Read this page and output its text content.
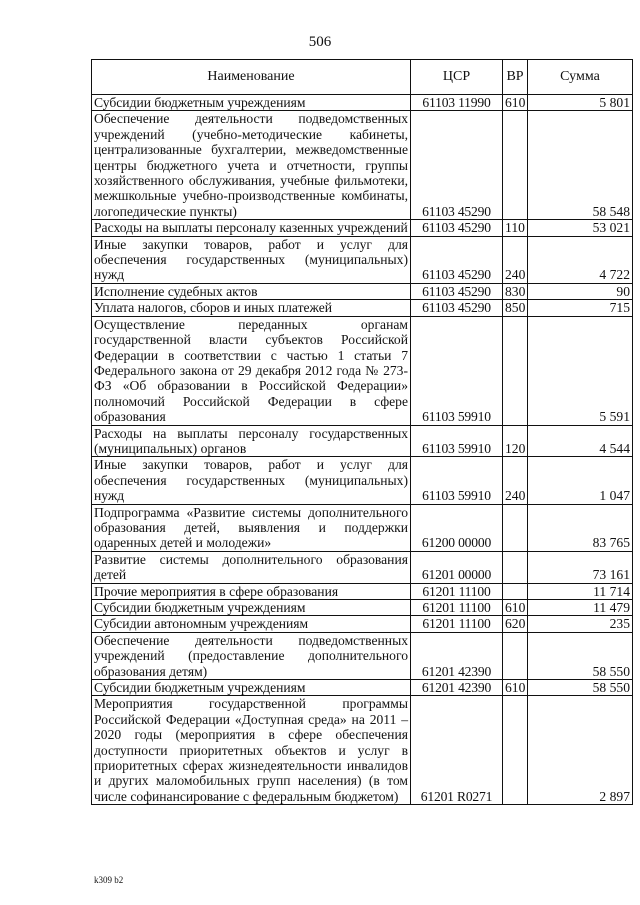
506
Наименование	ЦСР	ВР	Сумма
Субсидии бюджетным учреждениям	61103 11990	610	5 801
Обеспечение деятельности подведомственных учреждений (учебно-методические кабинеты, централизованные бухгалтерии, межведомственные центры бюджетного учета и отчетности, группы хозяйственного обслуживания, учебные фильмотеки, межшкольные учебно-производственные комбинаты, логопедические пункты)	61103 45290		58 548
Расходы на выплаты персоналу казенных учреждений	61103 45290	110	53 021
Иные закупки товаров, работ и услуг для обеспечения государственных (муниципальных) нужд	61103 45290	240	4 722
Исполнение судебных актов	61103 45290	830	90
Уплата налогов, сборов и иных платежей	61103 45290	850	715
Осуществление переданных органам государственной власти субъектов Российской Федерации в соответствии с частью 1 статьи 7 Федерального закона от 29 декабря 2012 года № 273-ФЗ «Об образовании в Российской Федерации» полномочий Российской Федерации в сфере образования	61103 59910		5 591
Расходы на выплаты персоналу государственных (муниципальных) органов	61103 59910	120	4 544
Иные закупки товаров, работ и услуг для обеспечения государственных (муниципальных) нужд	61103 59910	240	1 047
Подпрограмма «Развитие системы дополнительного образования детей, выявления и поддержки одаренных детей и молодежи»	61200 00000		83 765
Развитие системы дополнительного образования детей	61201 00000		73 161
Прочие мероприятия в сфере образования	61201 11100		11 714
Субсидии бюджетным учреждениям	61201 11100	610	11 479
Субсидии автономным учреждениям	61201 11100	620	235
Обеспечение деятельности подведомственных учреждений (предоставление дополнительного образования детям)	61201 42390		58 550
Субсидии бюджетным учреждениям	61201 42390	610	58 550
Мероприятия государственной программы Российской Федерации «Доступная среда» на 2011 – 2020 годы (мероприятия в сфере обеспечения доступности приоритетных объектов и услуг в приоритетных сферах жизнедеятельности инвалидов и других маломобильных групп населения) (в том числе софинансирование с федеральным бюджетом)	61201 R0271		2 897
k309 b2
